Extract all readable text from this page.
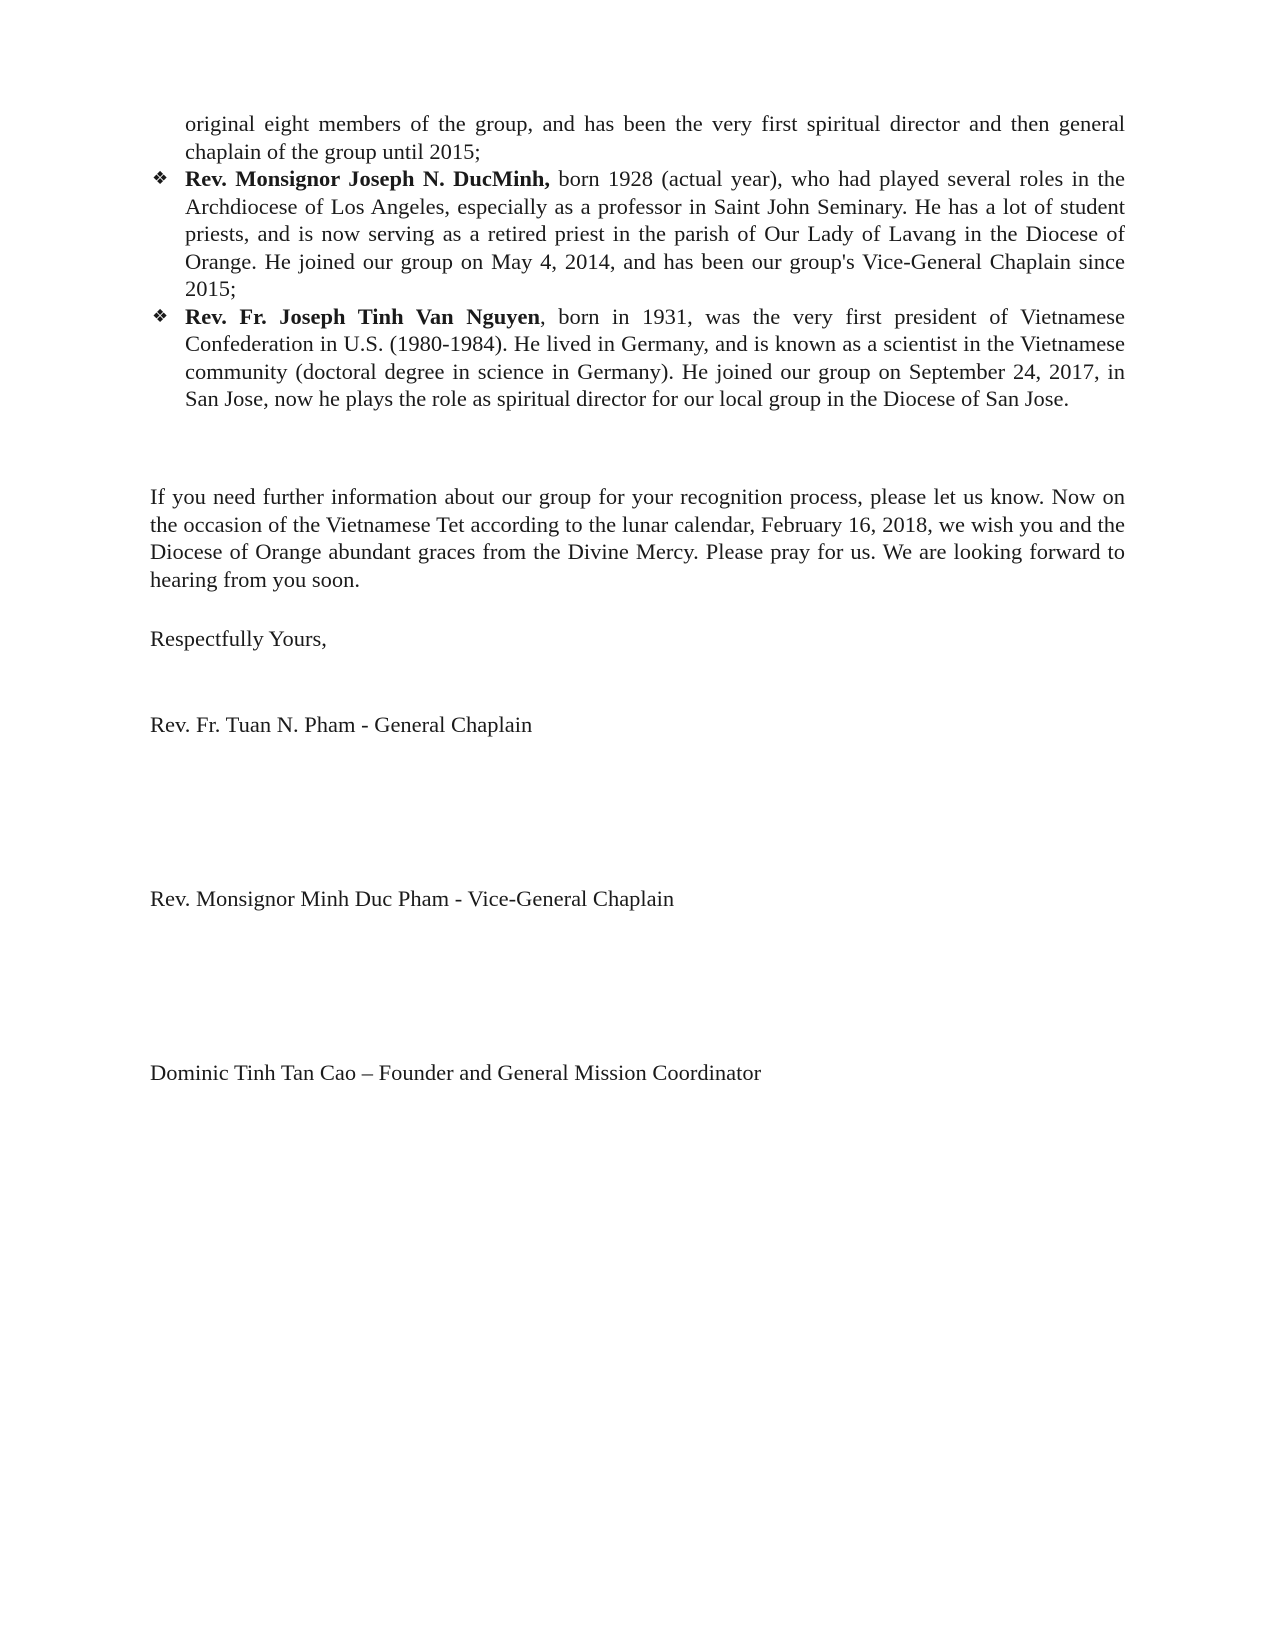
original eight members of the group, and has been the very first spiritual director and then general chaplain of the group until 2015;
❖ Rev. Monsignor Joseph N. DucMinh, born 1928 (actual year), who had played several roles in the Archdiocese of Los Angeles, especially as a professor in Saint John Seminary. He has a lot of student priests, and is now serving as a retired priest in the parish of Our Lady of Lavang in the Diocese of Orange. He joined our group on May 4, 2014, and has been our group's Vice-General Chaplain since 2015;
❖ Rev. Fr. Joseph Tinh Van Nguyen, born in 1931, was the very first president of Vietnamese Confederation in U.S. (1980-1984). He lived in Germany, and is known as a scientist in the Vietnamese community (doctoral degree in science in Germany). He joined our group on September 24, 2017, in San Jose, now he plays the role as spiritual director for our local group in the Diocese of San Jose.
If you need further information about our group for your recognition process, please let us know. Now on the occasion of the Vietnamese Tet according to the lunar calendar, February 16, 2018, we wish you and the Diocese of Orange abundant graces from the Divine Mercy. Please pray for us. We are looking forward to hearing from you soon.
Respectfully Yours,
Rev. Fr. Tuan N. Pham - General Chaplain
Rev. Monsignor Minh Duc Pham - Vice-General Chaplain
Dominic Tinh Tan Cao – Founder and General Mission Coordinator
